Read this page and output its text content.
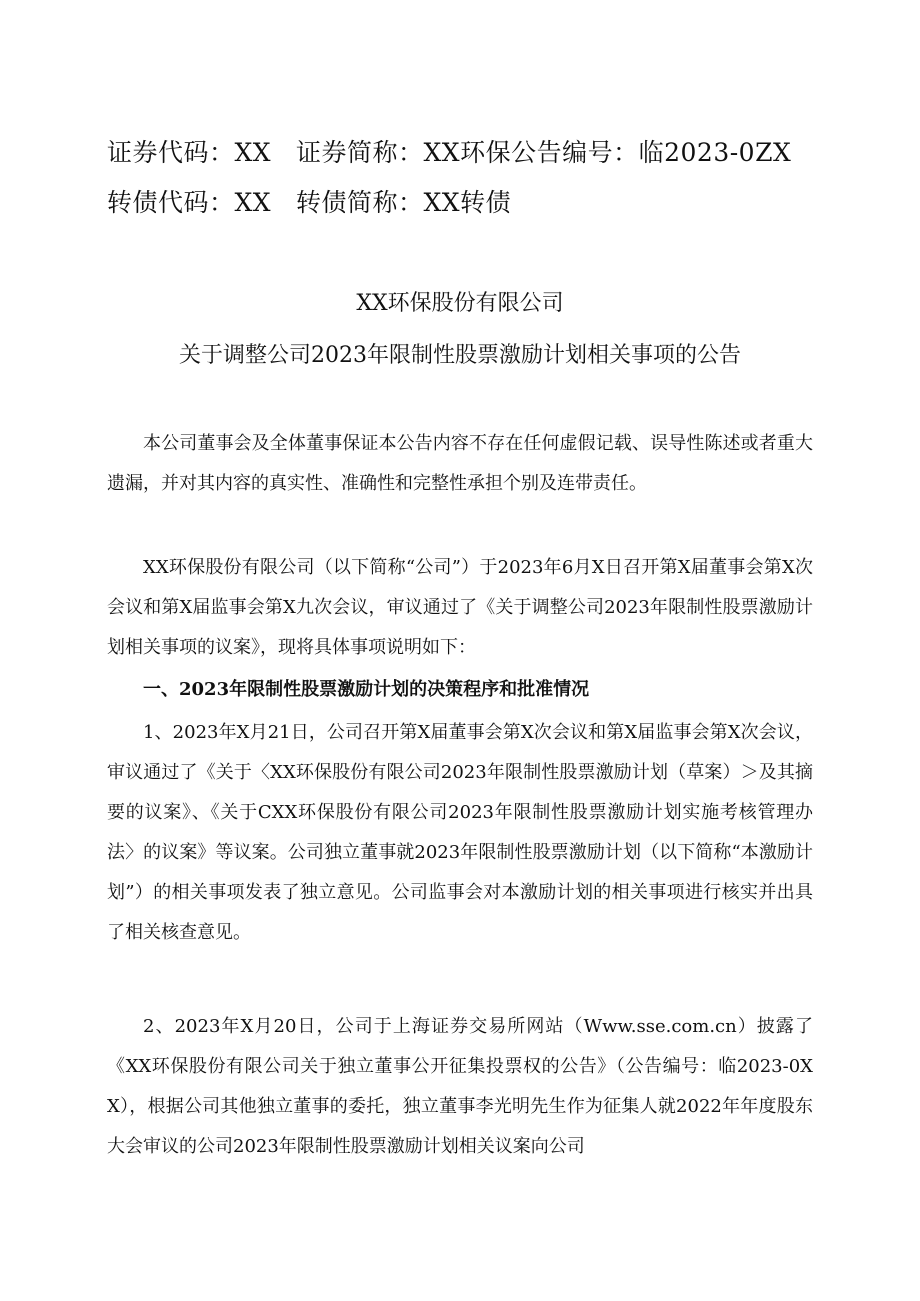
证券代码：XX 证券简称：XX环保公告编号：临2023-0ZX
转债代码：XX 转债简称：XX转债
XX环保股份有限公司
关于调整公司2023年限制性股票激励计划相关事项的公告

本公司董事会及全体董事保证本公告内容不存在任何虚假记载、误导性陈述或者重大遗漏，并对其内容的真实性、准确性和完整性承担个别及连带责任。

XX环保股份有限公司（以下简称“公司”）于2023年6月X日召开第X届董事会第X次会议和第X届监事会第X九次会议，审议通过了《关于调整公司2023年限制性股票激励计划相关事项的议案》，现将具体事项说明如下：

一、2023年限制性股票激励计划的决策程序和批准情况

1、2023年X月21日，公司召开第X届董事会第X次会议和第X届监事会第X次会议，审议通过了《关于〈XX环保股份有限公司2023年限制性股票激励计划（草案）＞及其摘要的议案》、《关于CXX环保股份有限公司2023年限制性股票激励计划实施考核管理办法〉的议案》等议案。公司独立董事就2023年限制性股票激励计划（以下简称“本激励计划”）的相关事项发表了独立意见。公司监事会对本激励计划的相关事项进行核实并出具了相关核查意见。

2、2023年X月20日，公司于上海证券交易所网站（Www.sse.com.cn）披露了《XX环保股份有限公司关于独立董事公开征集投票权的公告》（公告编号：临2023-0XX），根据公司其他独立董事的委托，独立董事李光明先生作为征集人就2022年年度股东大会审议的公司2023年限制性股票激励计划相关议案向公司
